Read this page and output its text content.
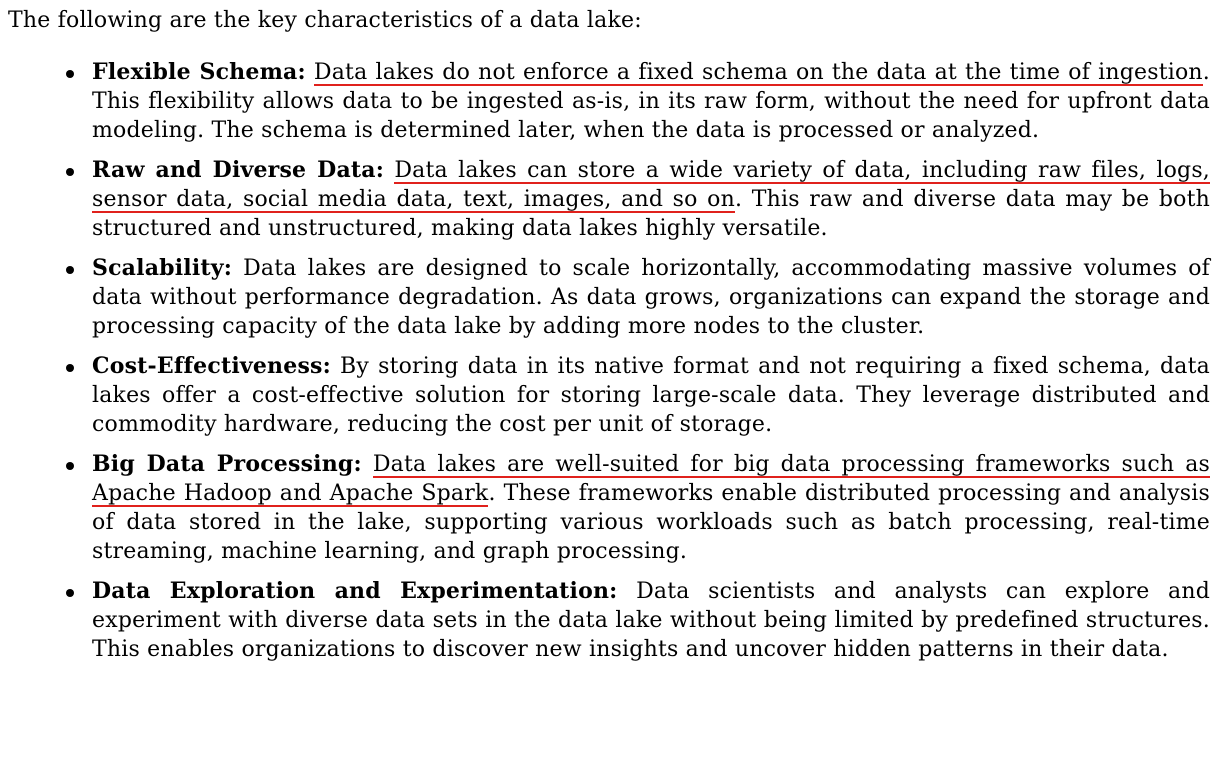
The following are the key characteristics of a data lake:

Flexible Schema: Data lakes do not enforce a fixed schema on the data at the time of ingestion. This flexibility allows data to be ingested as-is, in its raw form, without the need for upfront data modeling. The schema is determined later, when the data is processed or analyzed.
Raw and Diverse Data: Data lakes can store a wide variety of data, including raw files, logs, sensor data, social media data, text, images, and so on. This raw and diverse data may be both structured and unstructured, making data lakes highly versatile.
Scalability: Data lakes are designed to scale horizontally, accommodating massive volumes of data without performance degradation. As data grows, organizations can expand the storage and processing capacity of the data lake by adding more nodes to the cluster.
Cost-Effectiveness: By storing data in its native format and not requiring a fixed schema, data lakes offer a cost-effective solution for storing large-scale data. They leverage distributed and commodity hardware, reducing the cost per unit of storage.
Big Data Processing: Data lakes are well-suited for big data processing frameworks such as Apache Hadoop and Apache Spark. These frameworks enable distributed processing and analysis of data stored in the lake, supporting various workloads such as batch processing, real-time streaming, machine learning, and graph processing.
Data Exploration and Experimentation: Data scientists and analysts can explore and experiment with diverse data sets in the data lake without being limited by predefined structures. This enables organizations to discover new insights and uncover hidden patterns in their data.
